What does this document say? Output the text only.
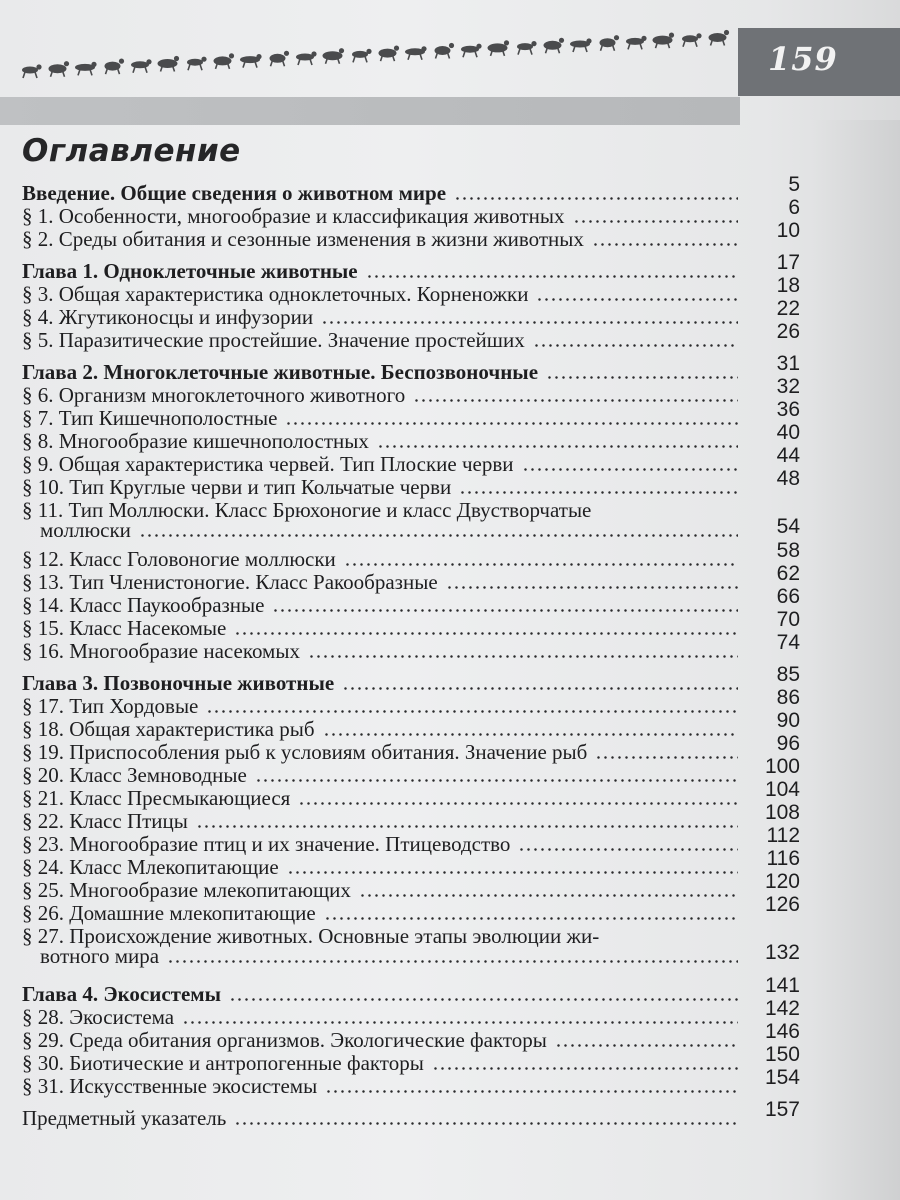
159
Оглавление
Введение. Общие сведения о животном мире	5
§ 1. Особенности, многообразие и классификация животных	6
§ 2. Среды обитания и сезонные изменения в жизни животных	10
Глава 1. Одноклеточные животные	17
§ 3. Общая характеристика одноклеточных. Корненожки	18
§ 4. Жгутиконосцы и инфузории	22
§ 5. Паразитические простейшие. Значение простейших	26
Глава 2. Многоклеточные животные. Беспозвоночные	31
§ 6. Организм многоклеточного животного	32
§ 7. Тип Кишечнополостные	36
§ 8. Многообразие кишечнополостных	40
§ 9. Общая характеристика червей. Тип Плоские черви	44
§ 10. Тип Круглые черви и тип Кольчатые черви	48
§ 11. Тип Моллюски. Класс Брюхоногие и класс Двустворчатые
моллюски	54
§ 12. Класс Головоногие моллюски	58
§ 13. Тип Членистоногие. Класс Ракообразные	62
§ 14. Класс Паукообразные	66
§ 15. Класс Насекомые	70
§ 16. Многообразие насекомых	74
Глава 3. Позвоночные животные	85
§ 17. Тип Хордовые	86
§ 18. Общая характеристика рыб	90
§ 19. Приспособления рыб к условиям обитания. Значение рыб	96
§ 20. Класс Земноводные	100
§ 21. Класс Пресмыкающиеся	104
§ 22. Класс Птицы	108
§ 23. Многообразие птиц и их значение. Птицеводство	112
§ 24. Класс Млекопитающие	116
§ 25. Многообразие млекопитающих	120
§ 26. Домашние млекопитающие	126
§ 27. Происхождение животных. Основные этапы эволюции жи-
вотного мира	132
Глава 4. Экосистемы	141
§ 28. Экосистема	142
§ 29. Среда обитания организмов. Экологические факторы	146
§ 30. Биотические и антропогенные факторы	150
§ 31. Искусственные экосистемы	154
Предметный указатель	157
